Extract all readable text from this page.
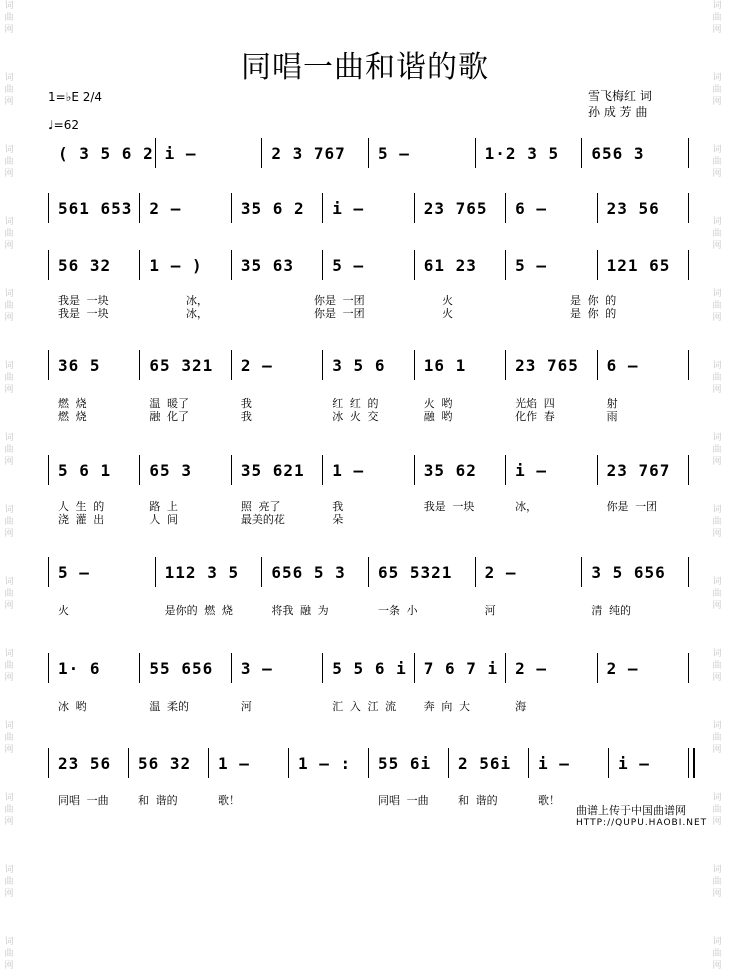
词
曲
网

词
曲
网

词
曲
网

词
曲
网

词
曲
网

词
曲
网

词
曲
网

词
曲
网

词
曲
网

词
曲
网

词
曲
网

词
曲
网

词
曲
网

词
曲
网
词
曲
网

词
曲
网

词
曲
网

词
曲
网

词
曲
网

词
曲
网

词
曲
网

词
曲
网

词
曲
网

词
曲
网

词
曲
网

词
曲
网

词
曲
网

词
曲
网
同唱一曲和谐的歌
1=♭E 2/4
♩=62
雪飞梅红 词
孙 成 芳 曲
( 3 5 6 2 i –	2 3 767 5 –	1·2 3 5 656 3
561 653 2 –	35 6 2 i –	23 765 6 –	23 56
56 32 1 – ) 35 63 5 –	61 23 5 –	121 65
我是 一块	冰，	你是 一团	火	是 你 的
我是 一块	冰，	你是 一团	火	是 你 的
36 5	65 321 2 –	3 5 6 16 1	23 765 6 –
燃 烧	温 暖了	我	红 红 的	火 哟	光焰 四	射
燃 烧	融 化了	我	冰 火 交	融 哟	化作 春	雨
5 6 1 65 3	35 621 1 –	35 62 i –	23 767
人 生 的	路 上	照 亮了	我	我是 一块	冰，	你是 一团
浇 灌 出	人 间	最美的花	朵
5 –	112 3 5 656 5 3 65 5321 2 –	3 5 656
火	是你的 燃 烧	将我 融 为	一条 小	河	清 纯的
1· 6	55 656 3 –	5 5 6 i 7 6 7 i 2 –	2 –
冰 哟	温 柔的	河	汇 入 江 流	奔 向 大	海
23 56 56 32 1 –	1 – : 55 6i 2 56i i –	i –
同唱 一曲	和 谐的	歌！	同唱 一曲	和 谐的	歌！
曲谱上传于中国曲谱网
HTTP://QUPU.HAOBI.NET
